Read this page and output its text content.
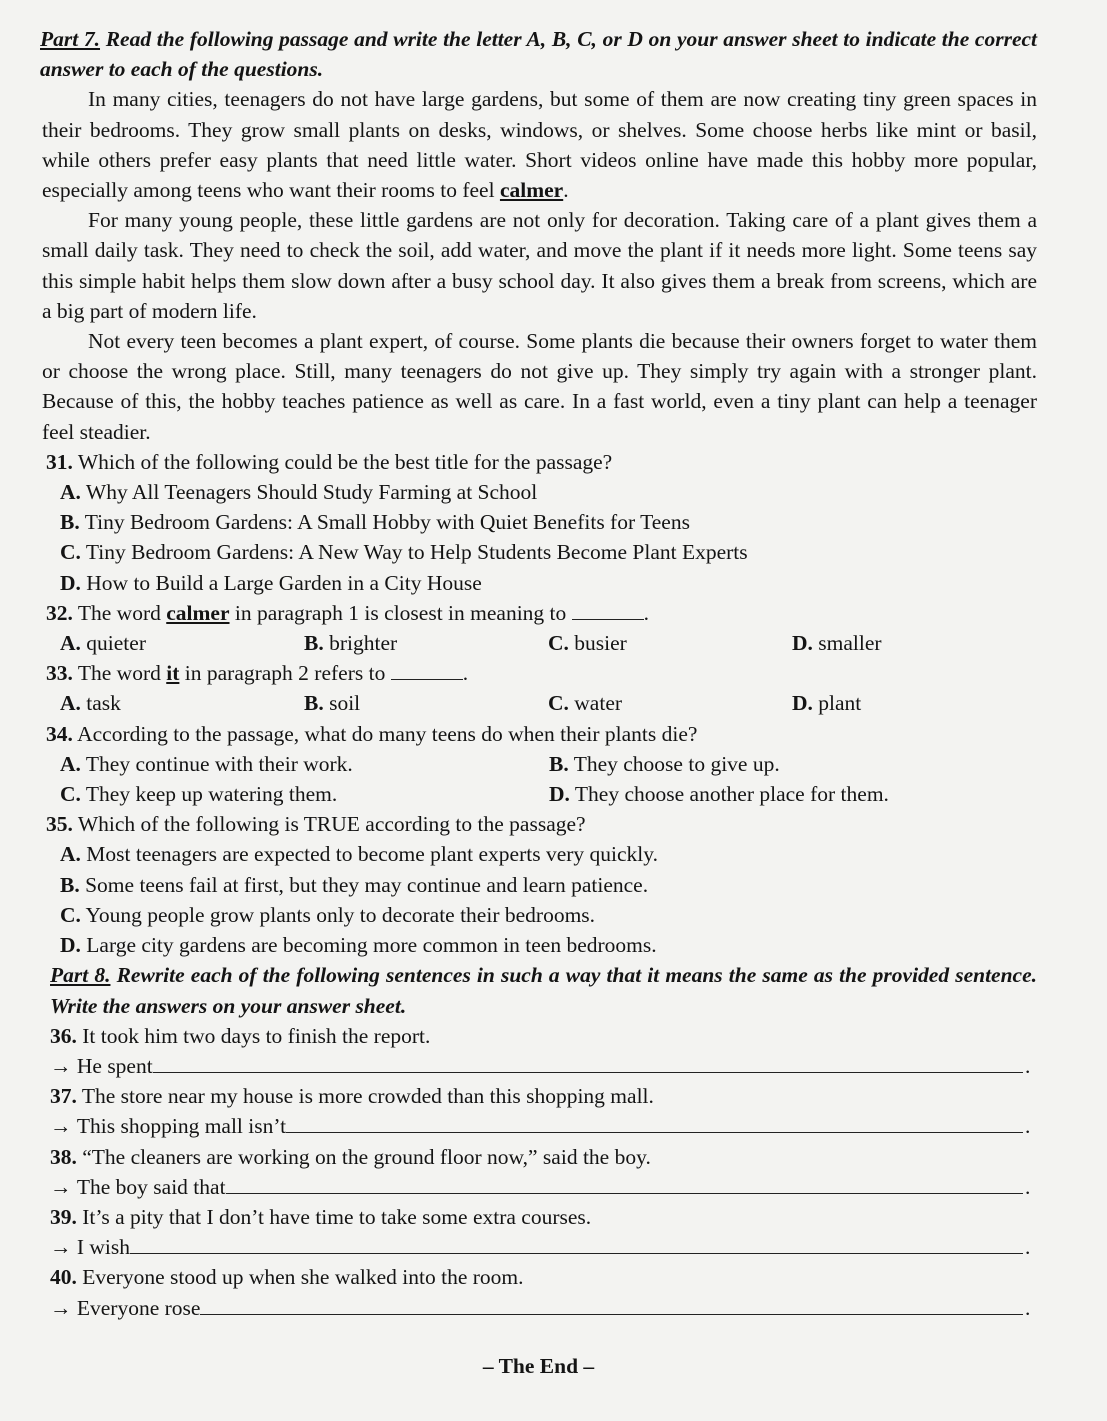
Part 7. Read the following passage and write the letter A, B, C, or D on your answer sheet to indicate the correct answer to each of the questions.
In many cities, teenagers do not have large gardens, but some of them are now creating tiny green spaces in their bedrooms. They grow small plants on desks, windows, or shelves. Some choose herbs like mint or basil, while others prefer easy plants that need little water. Short videos online have made this hobby more popular, especially among teens who want their rooms to feel calmer.
For many young people, these little gardens are not only for decoration. Taking care of a plant gives them a small daily task. They need to check the soil, add water, and move the plant if it needs more light. Some teens say this simple habit helps them slow down after a busy school day. It also gives them a break from screens, which are a big part of modern life.
Not every teen becomes a plant expert, of course. Some plants die because their owners forget to water them or choose the wrong place. Still, many teenagers do not give up. They simply try again with a stronger plant. Because of this, the hobby teaches patience as well as care. In a fast world, even a tiny plant can help a teenager feel steadier.
31. Which of the following could be the best title for the passage?
A. Why All Teenagers Should Study Farming at School
B. Tiny Bedroom Gardens: A Small Hobby with Quiet Benefits for Teens
C. Tiny Bedroom Gardens: A New Way to Help Students Become Plant Experts
D. How to Build a Large Garden in a City House
32. The word calmer in paragraph 1 is closest in meaning to	.
A. quieter	B. brighter	C. busier	D. smaller
33. The word it in paragraph 2 refers to	.
A. task	B. soil	C. water	D. plant
34. According to the passage, what do many teens do when their plants die?
A. They continue with their work.	B. They choose to give up.
C. They keep up watering them.	D. They choose another place for them.
35. Which of the following is TRUE according to the passage?
A. Most teenagers are expected to become plant experts very quickly.
B. Some teens fail at first, but they may continue and learn patience.
C. Young people grow plants only to decorate their bedrooms.
D. Large city gardens are becoming more common in teen bedrooms.
Part 8. Rewrite each of the following sentences in such a way that it means the same as the provided sentence. Write the answers on your answer sheet.
36. It took him two days to finish the report.
→
He spent	.
37. The store near my house is more crowded than this shopping mall.
→
This shopping mall isn’t	.
38. “The cleaners are working on the ground floor now,” said the boy.
→
The boy said that	.
39. It’s a pity that I don’t have time to take some extra courses.
→
I wish	.
40. Everyone stood up when she walked into the room.
→
Everyone rose	.
– The End –
